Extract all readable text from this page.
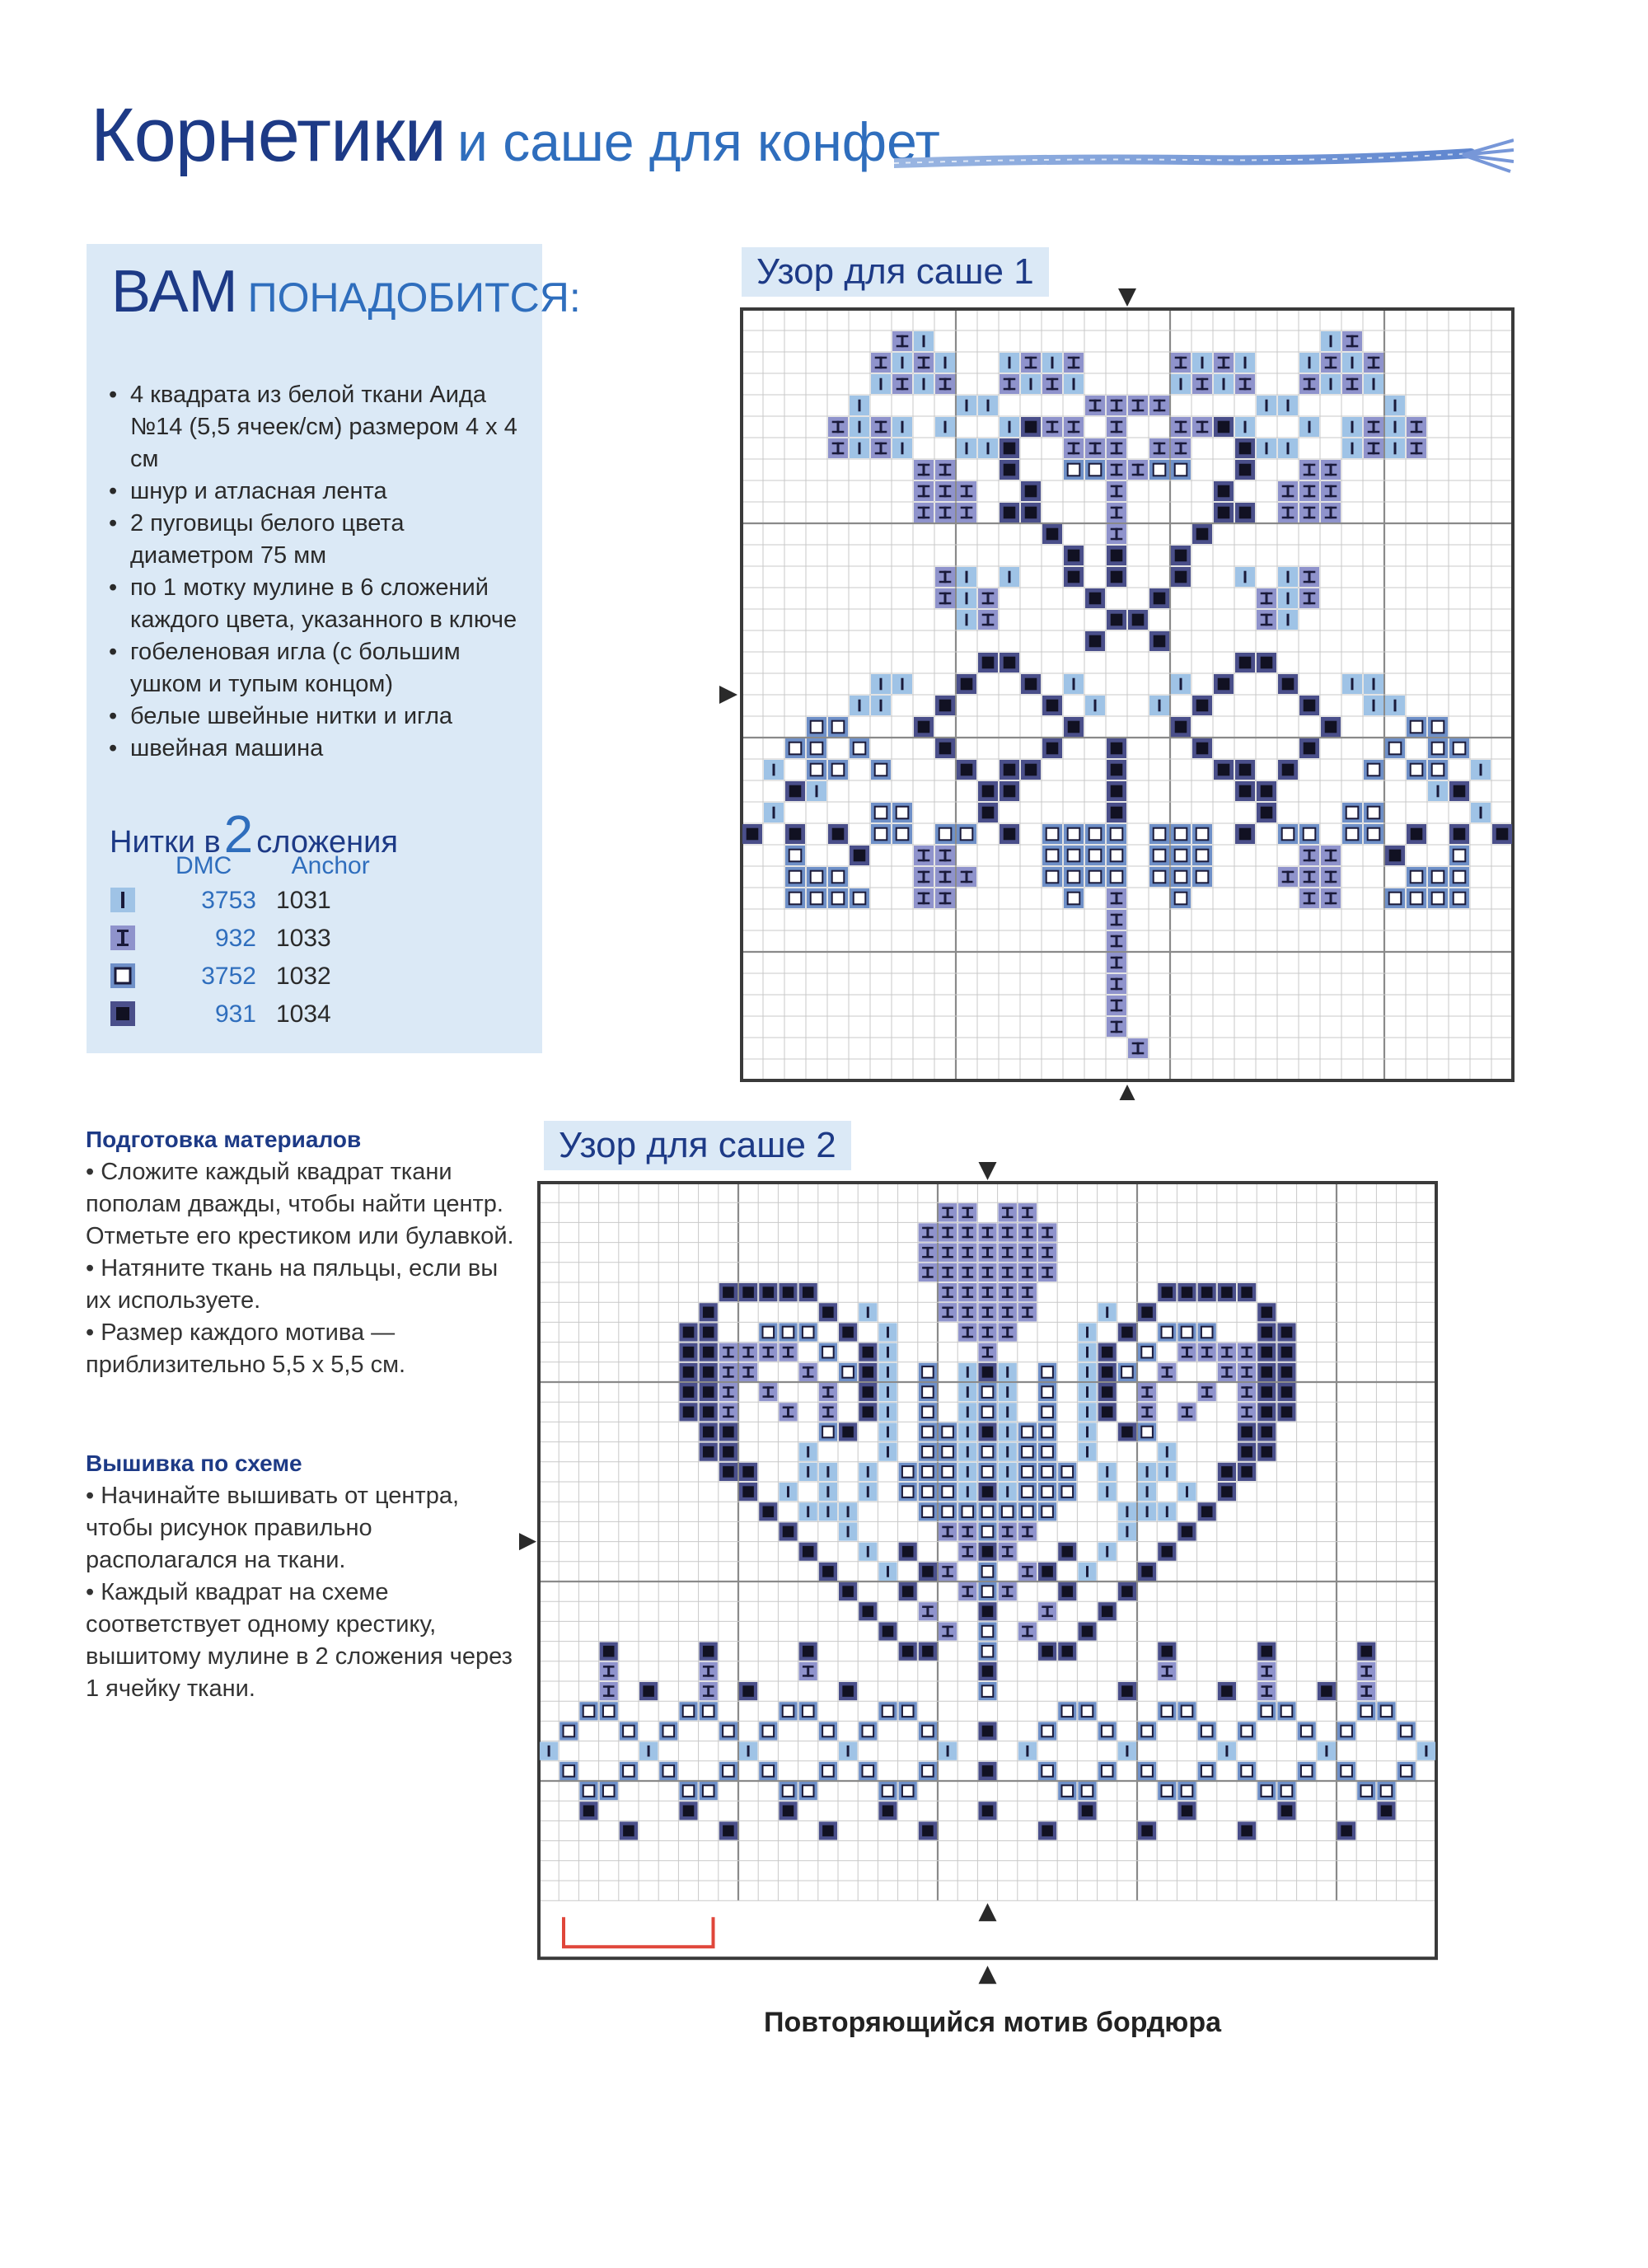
Корнетики и саше для конфет
ВАМ ПОНАДОБИТСЯ:
• 4 квадрата из белой ткани Аида №14 (5,5 ячеек/см) размером 4 х 4 см
• шнур и атласная лента
• 2 пуговицы белого цвета диаметром 75 мм
• по 1 мотку мулине в 6 сложений каждого цвета, указанного в ключе
• гобеленовая игла (с большим ушком и тупым концом)
• белые швейные нитки и игла
• швейная машина
Нитки в2 сложения
DMC Anchor
3753 1031
932 1033
3752 1032
931 1034
Подготовка материалов

• Сложите каждый квадрат ткани пополам дважды, чтобы найти центр. Отметьте его крестиком или булавкой.

• Натяните ткань на пяльцы, если вы их используете.

• Размер каждого мотива — приблизительно 5,5 х 5,5 см.

Вышивка по схеме

• Начинайте вышивать от центра, чтобы рисунок правильно располагался на ткани.

• Каждый квадрат на схеме соответствует одному крестику, вышитому мулине в 2 сложения через 1 ячейку ткани.

Узор для саше 1
Узор для саше 2
Повторяющийся мотив бордюра
